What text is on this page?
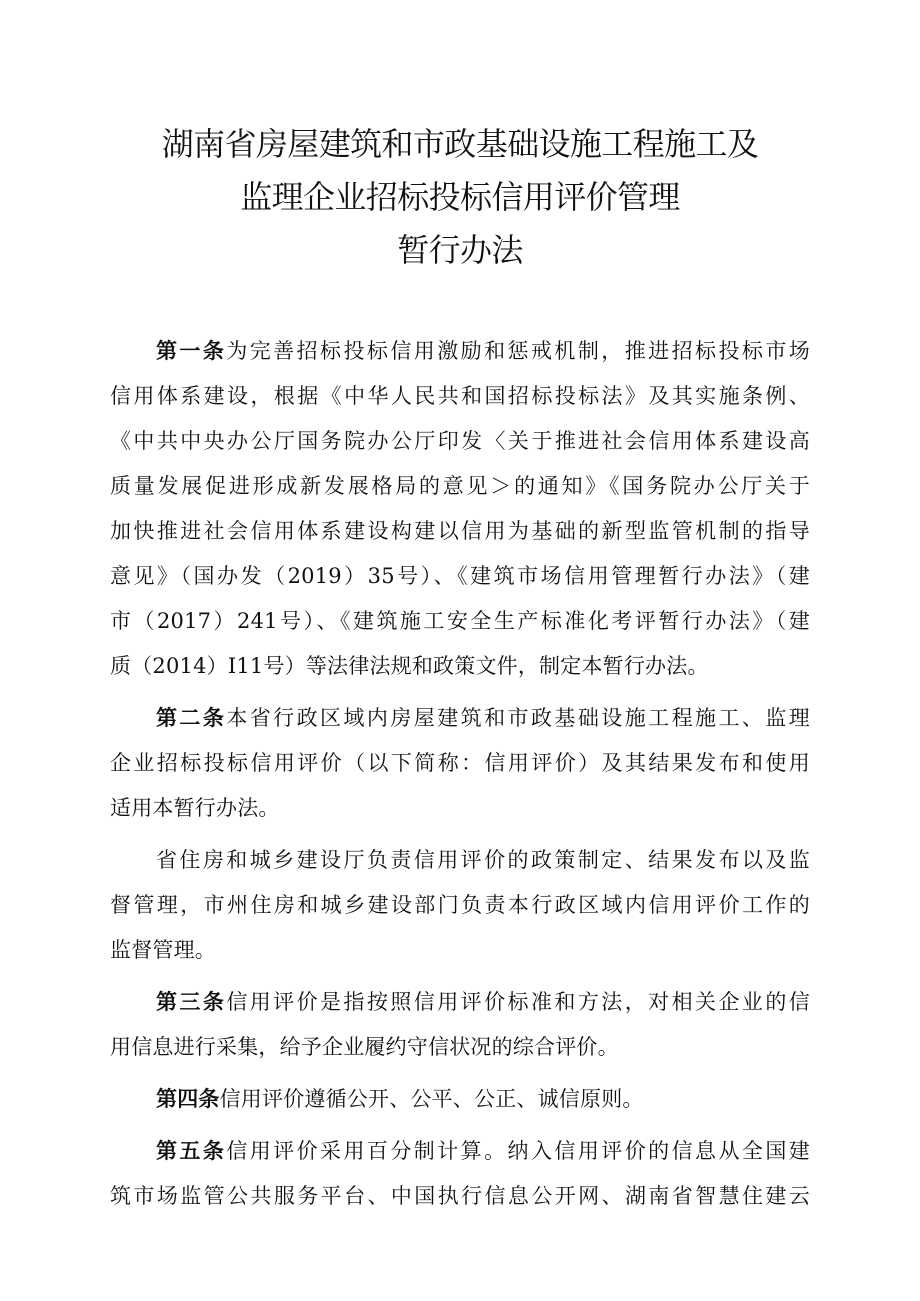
湖南省房屋建筑和市政基础设施工程施工及
监理企业招标投标信用评价管理
暂行办法
第一条为完善招标投标信用激励和惩戒机制，推进招标投标市场
信用体系建设，根据《中华人民共和国招标投标法》及其实施条例、
《中共中央办公厅国务院办公厅印发〈关于推进社会信用体系建设高
质量发展促进形成新发展格局的意见＞的通知》《国务院办公厅关于
加快推进社会信用体系建设构建以信用为基础的新型监管机制的指导
意见》（国办发（2019）35号）、《建筑市场信用管理暂行办法》（建
市（2017）241号）、《建筑施工安全生产标准化考评暂行办法》（建
质（2014）I11号）等法律法规和政策文件，制定本暂行办法。
第二条本省行政区域内房屋建筑和市政基础设施工程施工、监理
企业招标投标信用评价（以下简称：信用评价）及其结果发布和使用
适用本暂行办法。
省住房和城乡建设厅负责信用评价的政策制定、结果发布以及监
督管理，市州住房和城乡建设部门负责本行政区域内信用评价工作的
监督管理。
第三条信用评价是指按照信用评价标准和方法，对相关企业的信
用信息进行采集，给予企业履约守信状况的综合评价。
第四条信用评价遵循公开、公平、公正、诚信原则。
第五条信用评价采用百分制计算。纳入信用评价的信息从全国建
筑市场监管公共服务平台、中国执行信息公开网、湖南省智慧住建云
